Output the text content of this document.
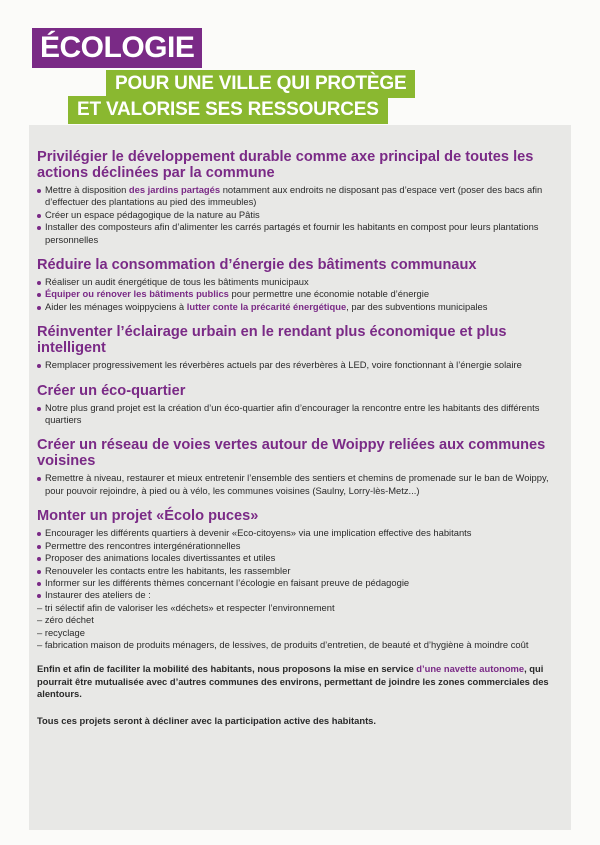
ÉCOLOGIE
POUR UNE VILLE QUI PROTÈGE
ET VALORISE SES RESSOURCES
Privilégier le développement durable comme axe principal de toutes les actions déclinées par la commune
Mettre à disposition des jardins partagés notamment aux endroits ne disposant pas d’espace vert (poser des bacs afin d’effectuer des plantations au pied des immeubles)
Créer un espace pédagogique de la nature au Pâtis
Installer des composteurs afin d’alimenter les carrés partagés et fournir les habitants en compost pour leurs plantations personnelles
Réduire la consommation d’énergie des bâtiments communaux
Réaliser un audit énergétique de tous les bâtiments municipaux
Équiper ou rénover les bâtiments publics pour permettre une économie notable d’énergie
Aider les ménages woippyciens à lutter conte la précarité énergétique, par des subventions municipales
Réinventer l’éclairage urbain en le rendant plus économique et plus intelligent
Remplacer progressivement les réverbères actuels par des réverbères à LED, voire fonctionnant à l’énergie solaire
Créer un éco-quartier
Notre plus grand projet est la création d’un éco-quartier afin d’encourager la rencontre entre les habitants des différents quartiers
Créer un réseau de voies vertes autour de Woippy reliées aux communes voisines
Remettre à niveau, restaurer et mieux entretenir l’ensemble des sentiers et chemins de promenade sur le ban de Woippy, pour pouvoir rejoindre, à pied ou à vélo, les communes voisines (Saulny, Lorry-lès-Metz...)
Monter un projet «Écolo puces»
Encourager les différents quartiers à devenir «Eco-citoyens» via une implication effective des habitants
Permettre des rencontres intergénérationnelles
Proposer des animations locales divertissantes et utiles
Renouveler les contacts entre les habitants, les rassembler
Informer sur les différents thèmes concernant l’écologie en faisant preuve de pédagogie
Instaurer des ateliers de :
– tri sélectif afin de valoriser les «déchets» et respecter l’environnement
– zéro déchet
– recyclage
– fabrication maison de produits ménagers, de lessives, de produits d’entretien, de beauté et d’hygiène à moindre coût
Enfin et afin de faciliter la mobilité des habitants, nous proposons la mise en service d’une navette autonome, qui pourrait être mutualisée avec d’autres communes des environs, permettant de joindre les zones commerciales des alentours.
Tous ces projets seront à décliner avec la participation active des habitants.
